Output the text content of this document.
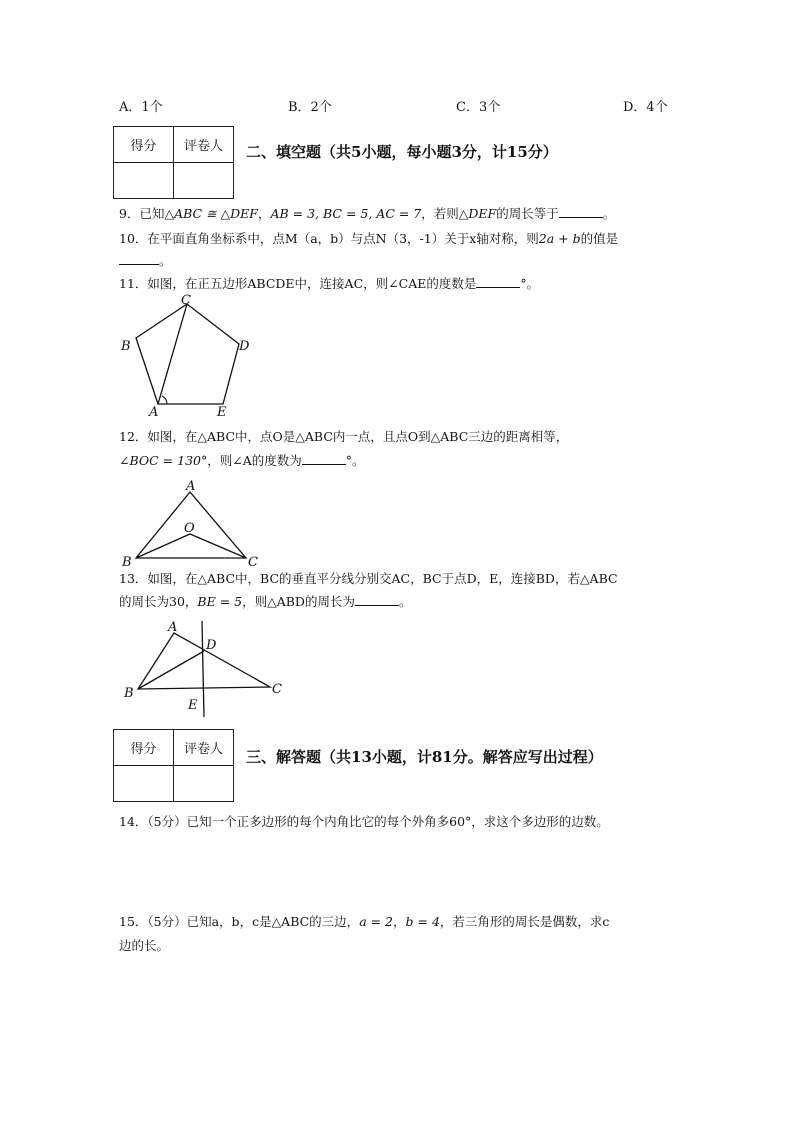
A．1个	B．2个	C．3个	D．4个
得分	评卷人
	二、填空题（共5小题，每小题3分，计15分）
9．已知△ABC ≅ △DEF，AB = 3, BC = 5, AC = 7，若则△DEF的周长等于	。
10．在平面直角坐标系中，点M（a，b）与点N（3，-1）关于x轴对称，则2a + b的值是
。
11．如图，在正五边形ABCDE中，连接AC，则∠CAE的度数是	°。
C
B	D
A	E
12．如图，在△ABC中，点O是△ABC内一点，且点O到△ABC三边的距离相等，
∠BOC = 130°，则∠A的度数为	°。
A
O
B	C
13．如图，在△ABC中，BC的垂直平分线分别交AC，BC于点D，E，连接BD，若△ABC
的周长为30，BE = 5，则△ABD的周长为	。
A
D
B
E
C
得分	评卷人
	三、解答题（共13小题，计81分。解答应写出过程）
14．（5分）已知一个正多边形的每个内角比它的每个外角多60°，求这个多边形的边数。
15．（5分）已知a，b，c是△ABC的三边，a = 2，b = 4，若三角形的周长是偶数，求c
边的长。
